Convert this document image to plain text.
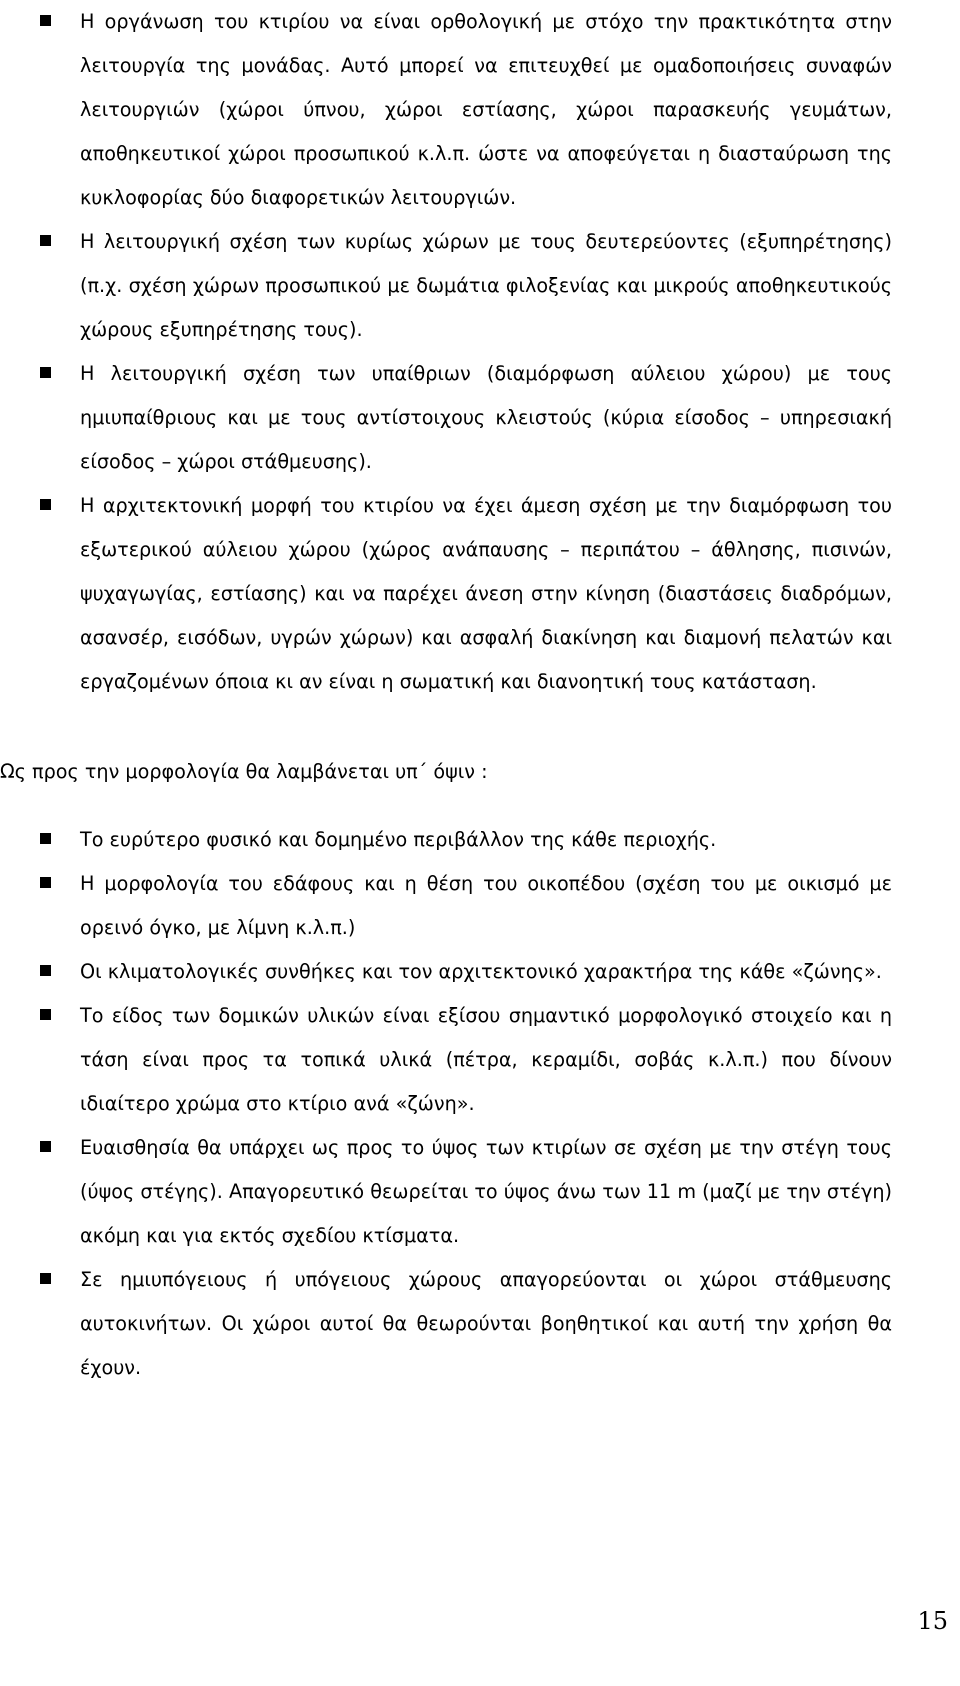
Η οργάνωση του κτιρίου να είναι ορθολογική με στόχο την πρακτικότητα στην λειτουργία της μονάδας. Αυτό μπορεί να επιτευχθεί με ομαδοποιήσεις συναφών λειτουργιών (χώροι ύπνου, χώροι εστίασης, χώροι παρασκευής γευμάτων, αποθηκευτικοί χώροι προσωπικού κ.λ.π. ώστε να αποφεύγεται η διασταύρωση της κυκλοφορίας δύο διαφορετικών λειτουργιών.
Η λειτουργική σχέση των κυρίως χώρων με τους δευτερεύοντες (εξυπηρέτησης) (π.χ. σχέση χώρων προσωπικού με δωμάτια φιλοξενίας και μικρούς αποθηκευτικούς χώρους εξυπηρέτησης τους).
Η λειτουργική σχέση των υπαίθριων (διαμόρφωση αύλειου χώρου) με τους ημιυπαίθριους και με τους αντίστοιχους κλειστούς (κύρια είσοδος – υπηρεσιακή είσοδος – χώροι στάθμευσης).
Η αρχιτεκτονική μορφή του κτιρίου να έχει άμεση σχέση με την διαμόρφωση του εξωτερικού αύλειου χώρου (χώρος ανάπαυσης – περιπάτου – άθλησης, πισινών, ψυχαγωγίας, εστίασης) και να παρέχει άνεση στην κίνηση (διαστάσεις διαδρόμων, ασανσέρ, εισόδων, υγρών χώρων) και ασφαλή διακίνηση και διαμονή πελατών και εργαζομένων όποια κι αν είναι η σωματική και διανοητική τους κατάσταση.

Ως προς την μορφολογία θα λαμβάνεται υπ΄ όψιν :

Το ευρύτερο φυσικό και δομημένο περιβάλλον της κάθε περιοχής.
Η μορφολογία του εδάφους και η θέση του οικοπέδου (σχέση του με οικισμό με ορεινό όγκο, με λίμνη κ.λ.π.)
Οι κλιματολογικές συνθήκες και τον αρχιτεκτονικό χαρακτήρα της κάθε «ζώνης».
Το είδος των δομικών υλικών είναι εξίσου σημαντικό μορφολογικό στοιχείο και η τάση είναι προς τα τοπικά υλικά (πέτρα, κεραμίδι, σοβάς κ.λ.π.) που δίνουν ιδιαίτερο χρώμα στο κτίριο ανά «ζώνη».
Ευαισθησία θα υπάρχει ως προς το ύψος των κτιρίων σε σχέση με την στέγη τους (ύψος στέγης). Απαγορευτικό θεωρείται το ύψος άνω των 11 m (μαζί με την στέγη) ακόμη και για εκτός σχεδίου κτίσματα.
Σε ημιυπόγειους ή υπόγειους χώρους απαγορεύονται οι χώροι στάθμευσης αυτοκινήτων. Οι χώροι αυτοί θα θεωρούνται βοηθητικοί και αυτή την χρήση θα έχουν.
15
